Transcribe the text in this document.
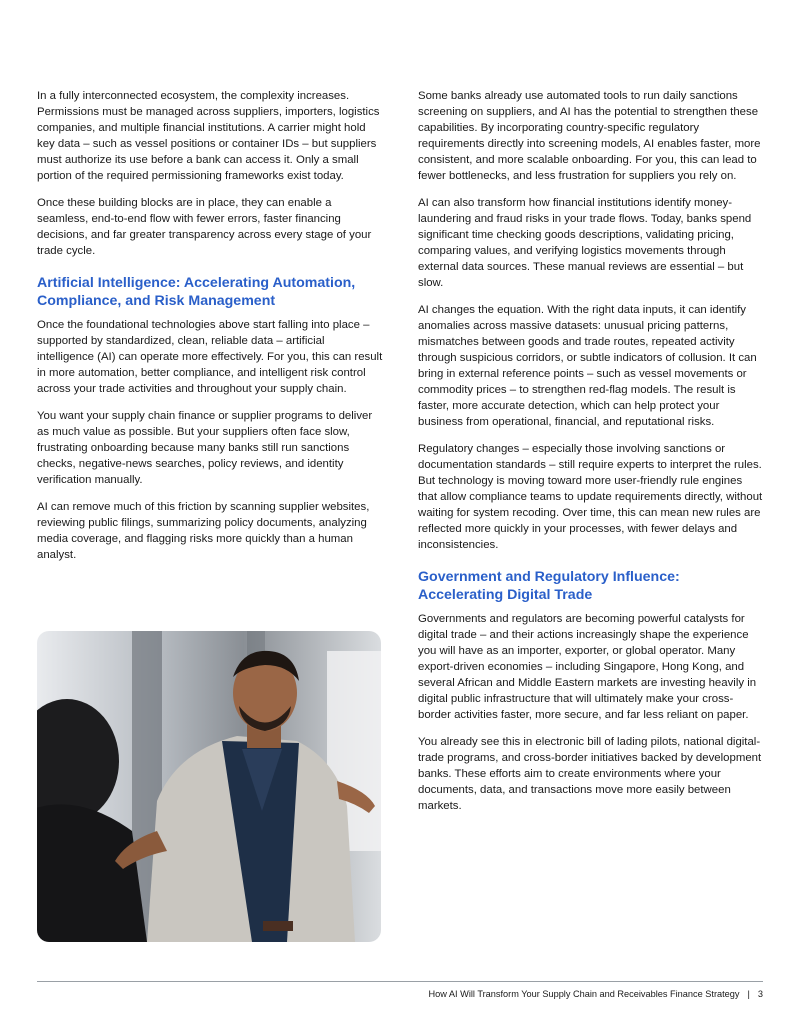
In a fully interconnected ecosystem, the complexity increases. Permissions must be managed across suppliers, importers, logistics companies, and multiple financial institutions. A carrier might hold key data – such as vessel positions or container IDs – but suppliers must authorize its use before a bank can access it. Only a small portion of the required permissioning frameworks exist today.

Once these building blocks are in place, they can enable a seamless, end-to-end flow with fewer errors, faster financing decisions, and far greater transparency across every stage of your trade cycle.

Artificial Intelligence: Accelerating Automation, Compliance, and Risk Management

Once the foundational technologies above start falling into place – supported by standardized, clean, reliable data – artificial intelligence (AI) can operate more effectively. For you, this can result in more automation, better compliance, and intelligent risk control across your trade activities and throughout your supply chain.

You want your supply chain finance or supplier programs to deliver as much value as possible. But your suppliers often face slow, frustrating onboarding because many banks still run sanctions checks, negative-news searches, policy reviews, and identity verification manually.

AI can remove much of this friction by scanning supplier websites, reviewing public filings, summarizing policy documents, analyzing media coverage, and flagging risks more quickly than a human analyst.

Some banks already use automated tools to run daily sanctions screening on suppliers, and AI has the potential to strengthen these capabilities. By incorporating country-specific regulatory requirements directly into screening models, AI enables faster, more consistent, and more scalable onboarding. For you, this can lead to fewer bottlenecks, and less frustration for suppliers you rely on.

AI can also transform how financial institutions identify money-laundering and fraud risks in your trade flows. Today, banks spend significant time checking goods descriptions, validating pricing, comparing values, and verifying logistics movements through external data sources. These manual reviews are essential – but slow.

AI changes the equation. With the right data inputs, it can identify anomalies across massive datasets: unusual pricing patterns, mismatches between goods and trade routes, repeated activity through suspicious corridors, or subtle indicators of collusion. It can bring in external reference points – such as vessel movements or commodity prices – to strengthen red-flag models. The result is faster, more accurate detection, which can help protect your business from operational, financial, and reputational risks.

Regulatory changes – especially those involving sanctions or documentation standards – still require experts to interpret the rules. But technology is moving toward more user-friendly rule engines that allow compliance teams to update requirements directly, without waiting for system recoding. Over time, this can mean new rules are reflected more quickly in your processes, with fewer delays and inconsistencies.

Government and Regulatory Influence: Accelerating Digital Trade

Governments and regulators are becoming powerful catalysts for digital trade – and their actions increasingly shape the experience you will have as an importer, exporter, or global operator. Many export-driven economies – including Singapore, Hong Kong, and several African and Middle Eastern markets are investing heavily in digital public infrastructure that will ultimately make your cross-border activities faster, more secure, and far less reliant on paper.

You already see this in electronic bill of lading pilots, national digital-trade programs, and cross-border initiatives backed by development banks. These efforts aim to create environments where your documents, data, and transactions move more easily between markets.

How AI Will Transform Your Supply Chain and Receivables Finance Strategy | 3
